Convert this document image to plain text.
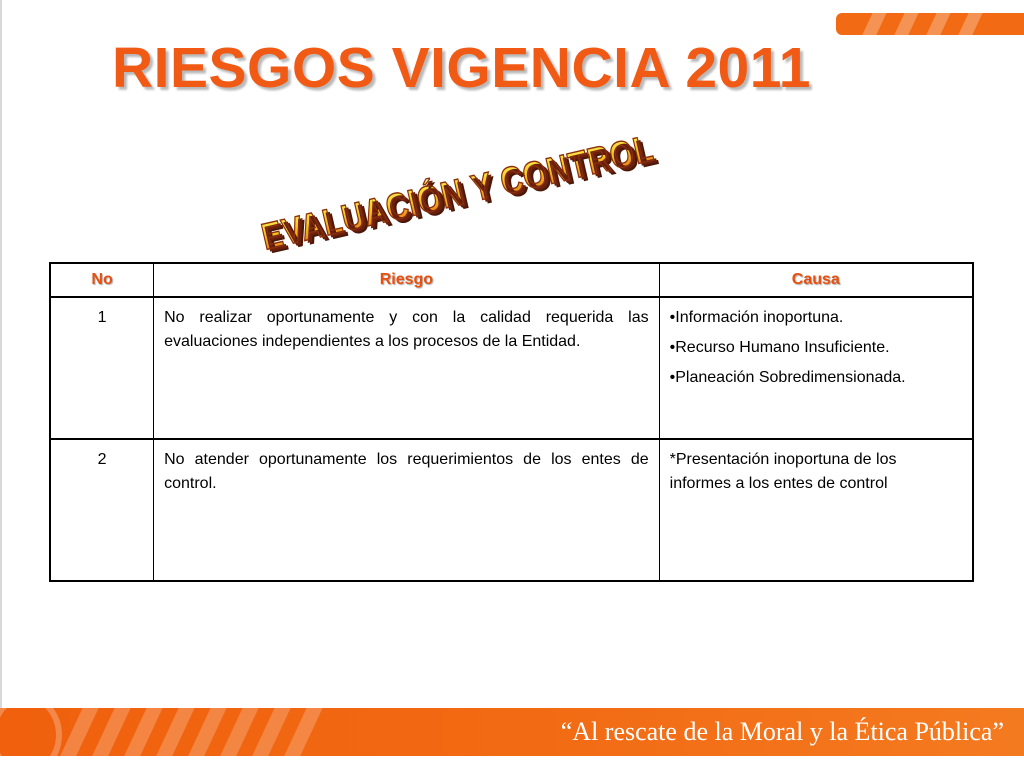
RIESGOS VIGENCIA 2011
EVALUACIÓN Y CONTROL
No	Riesgo	Causa
1	No realizar oportunamente y con la calidad requerida las evaluaciones independientes a los procesos de la Entidad.	•Información inoportuna.
•Recurso Humano Insuficiente.
•Planeación Sobredimensionada.

2	No atender oportunamente los requerimientos de los entes de control.	*Presentación inoportuna de los informes a los entes de control
“Al rescate de la Moral y la Ética Pública”
